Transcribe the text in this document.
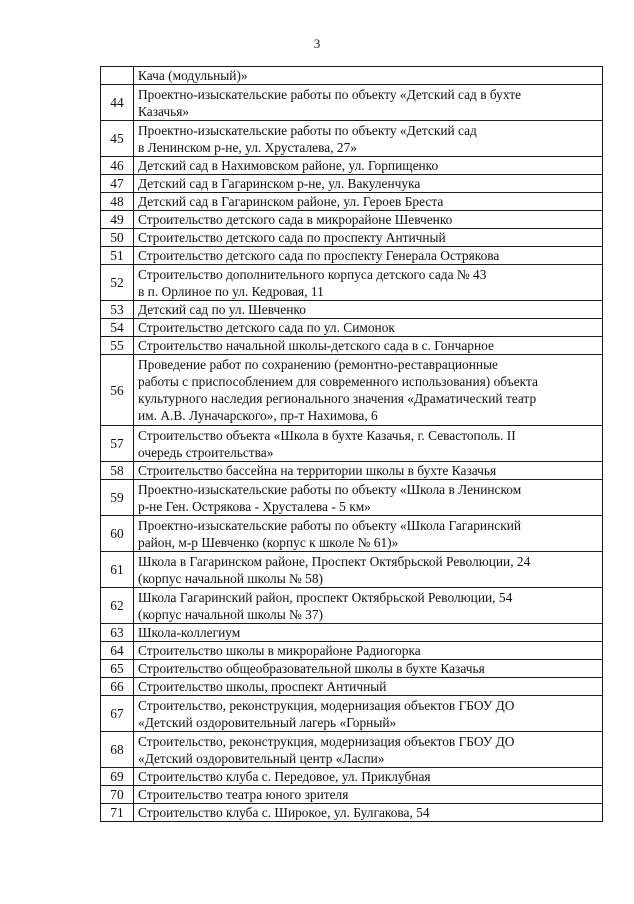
3

	Кача (модульный)»

44	Проектно-изыскательские работы по объекту «Детский сад в бухте
Казачья»

45	Проектно-изыскательские работы по объекту «Детский сад
в Ленинском р-не, ул. Хрусталева, 27»

46	Детский сад в Нахимовском районе, ул. Горпищенко

47	Детский сад в Гагаринском р-не, ул. Вакуленчука

48	Детский сад в Гагаринском районе, ул. Героев Бреста

49	Строительство детского сада в микрорайоне Шевченко

50	Строительство детского сада по проспекту Античный

51	Строительство детского сада по проспекту Генерала Острякова

52	Строительство дополнительного корпуса детского сада № 43
в п. Орлиное по ул. Кедровая, 11

53	Детский сад по ул. Шевченко

54	Строительство детского сада по ул. Симонок

55	Строительство начальной школы-детского сада в с. Гончарное

56	Проведение работ по сохранению (ремонтно-реставрационные
работы с приспособлением для современного использования) объекта
культурного наследия регионального значения «Драматический театр
им. А.В. Луначарского», пр-т Нахимова, 6

57	Строительство объекта «Школа в бухте Казачья, г. Севастополь. II
очередь строительства»

58	Строительство бассейна на территории школы в бухте Казачья

59	Проектно-изыскательские работы по объекту «Школа в Ленинском
р-не Ген. Острякова - Хрусталева - 5 км»

60	Проектно-изыскательские работы по объекту «Школа Гагаринский
район, м-р Шевченко (корпус к школе № 61)»

61	Школа в Гагаринском районе, Проспект Октябрьской Революции, 24
(корпус начальной школы № 58)

62	Школа Гагаринский район, проспект Октябрьской Революции, 54
(корпус начальной школы № 37)

63	Школа-коллегиум

64	Строительство школы в микрорайоне Радиогорка

65	Строительство общеобразовательной школы в бухте Казачья

66	Строительство школы, проспект Античный

67	Строительство, реконструкция, модернизация объектов ГБОУ ДО
«Детский оздоровительный лагерь «Горный»

68	Строительство, реконструкция, модернизация объектов ГБОУ ДО
«Детский оздоровительный центр «Ласпи»

69	Строительство клуба с. Передовое, ул. Приклубная

70	Строительство театра юного зрителя

71	Строительство клуба с. Широкое, ул. Булгакова, 54
